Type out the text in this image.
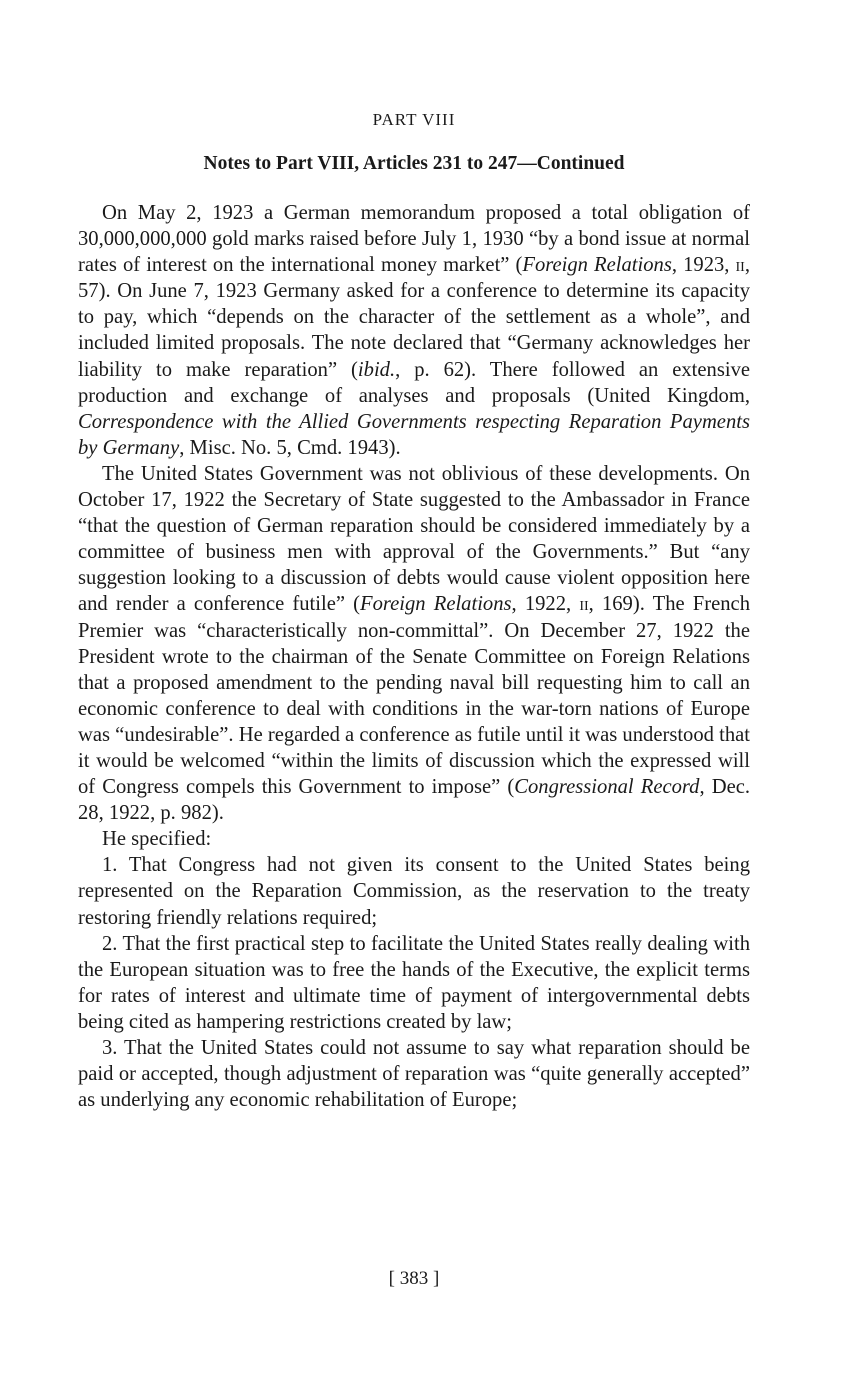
PART VIII
Notes to Part VIII, Articles 231 to 247—Continued

On May 2, 1923 a German memorandum proposed a total obligation of 30,000,000,000 gold marks raised before July 1, 1930 “by a bond issue at normal rates of interest on the international money market” (Foreign Relations, 1923, ii, 57). On June 7, 1923 Germany asked for a conference to determine its capacity to pay, which “depends on the character of the settlement as a whole”, and included limited proposals. The note declared that “Germany acknowledges her liability to make reparation” (ibid., p. 62). There followed an extensive production and exchange of analyses and proposals (United Kingdom, Correspondence with the Allied Governments respecting Reparation Payments by Germany, Misc. No. 5, Cmd. 1943).

The United States Government was not oblivious of these developments. On October 17, 1922 the Secretary of State suggested to the Ambassador in France “that the question of German reparation should be considered immediately by a committee of business men with approval of the Governments.” But “any suggestion looking to a discussion of debts would cause violent opposition here and render a conference futile” (Foreign Relations, 1922, ii, 169). The French Premier was “characteristically non-committal”. On December 27, 1922 the President wrote to the chairman of the Senate Committee on Foreign Relations that a proposed amendment to the pending naval bill requesting him to call an economic conference to deal with conditions in the war-torn nations of Europe was “undesirable”. He regarded a conference as futile until it was understood that it would be welcomed “within the limits of discussion which the expressed will of Congress compels this Government to impose” (Congressional Record, Dec. 28, 1922, p. 982).

He specified:

1. That Congress had not given its consent to the United States being represented on the Reparation Commission, as the reservation to the treaty restoring friendly relations required;

2. That the first practical step to facilitate the United States really dealing with the European situation was to free the hands of the Executive, the explicit terms for rates of interest and ultimate time of payment of intergovernmental debts being cited as hampering restrictions created by law;

3. That the United States could not assume to say what reparation should be paid or accepted, though adjustment of reparation was “quite generally accepted” as underlying any economic rehabilitation of Europe;

[ 383 ]
